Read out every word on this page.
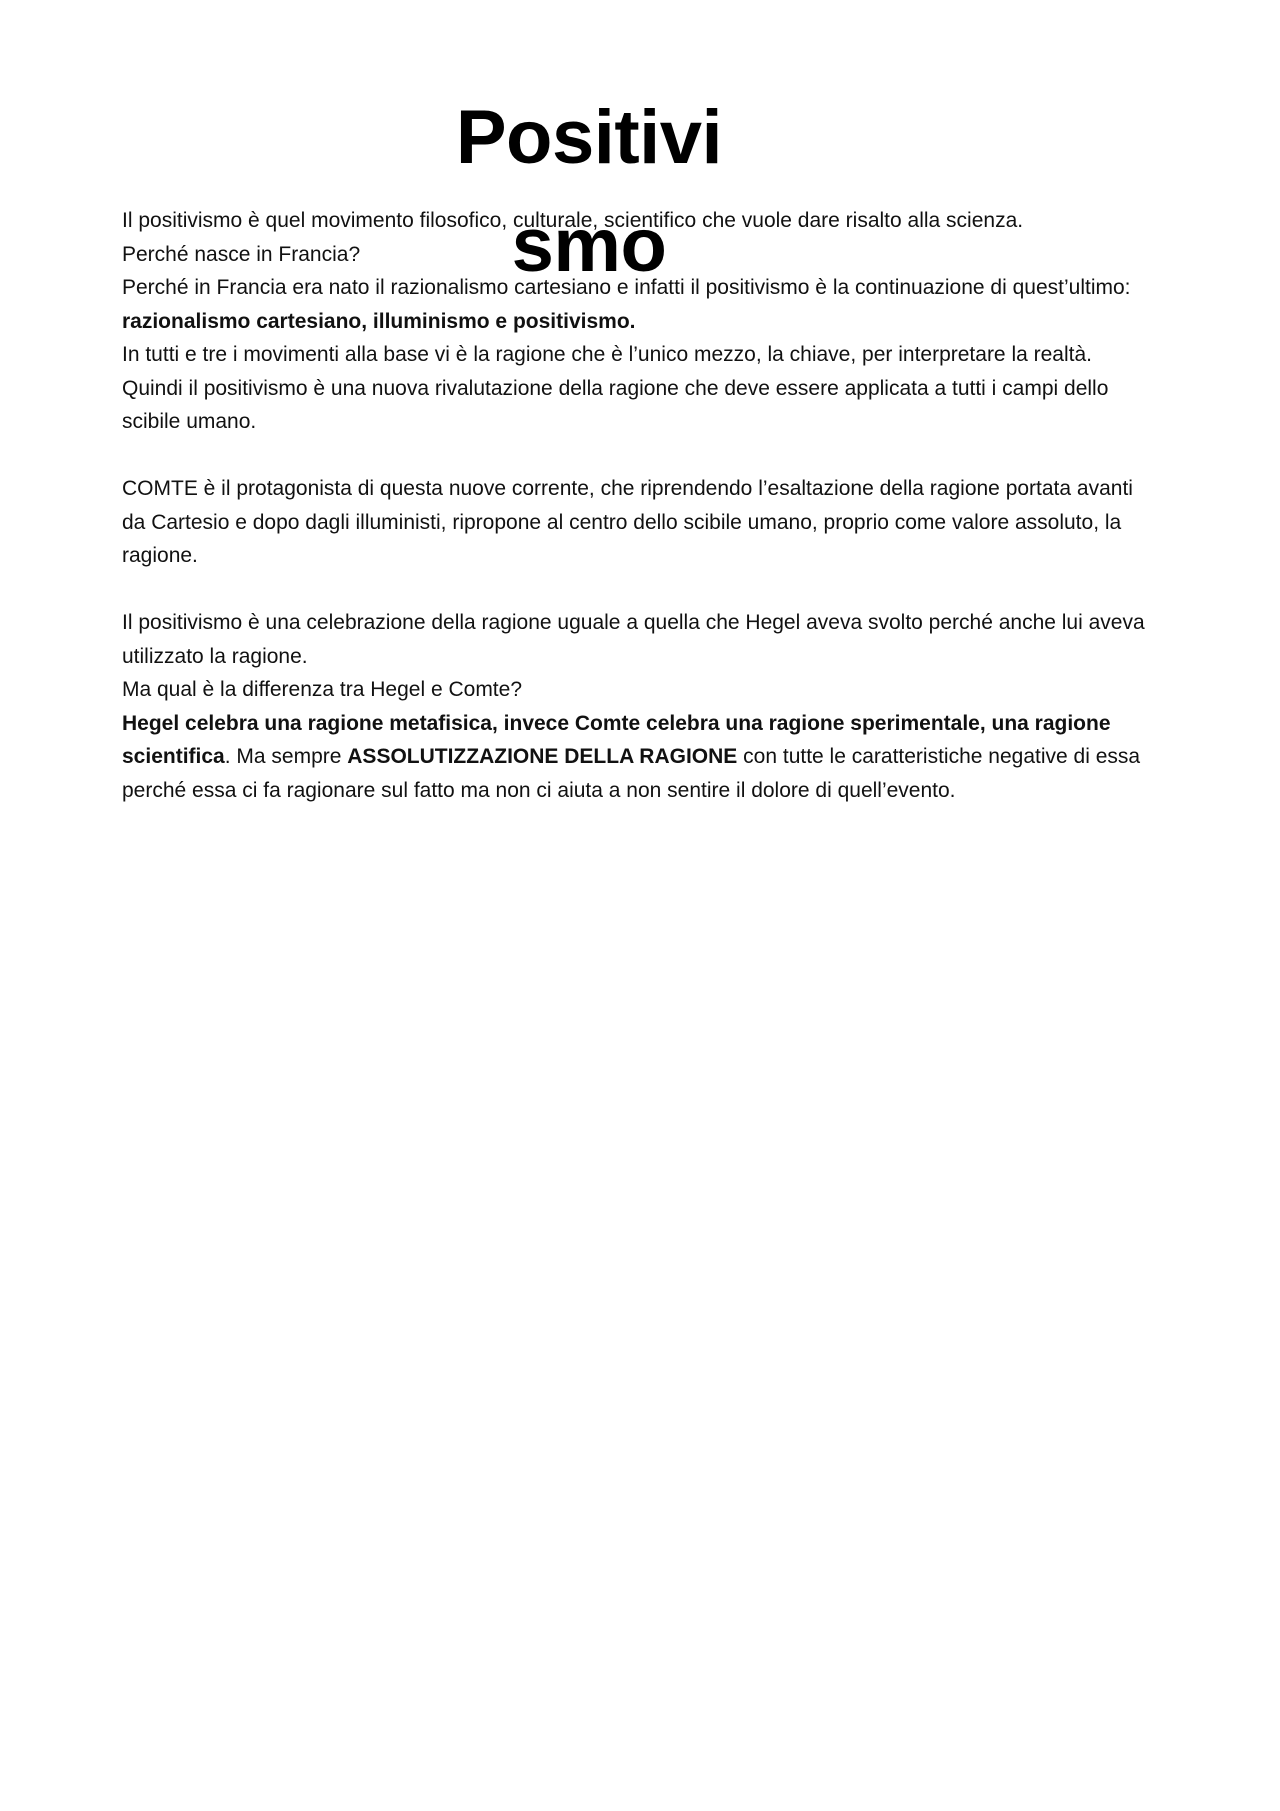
Positivismo

Il positivismo è quel movimento filosofico, culturale, scientifico che vuole dare risalto alla scienza.

Perché nasce in Francia?

Perché in Francia era nato il razionalismo cartesiano e infatti il positivismo è la continuazione di quest’ultimo: razionalismo cartesiano, illuminismo e positivismo.

In tutti e tre i movimenti alla base vi è la ragione che è l’unico mezzo, la chiave, per interpretare la realtà.

Quindi il positivismo è una nuova rivalutazione della ragione che deve essere applicata a tutti i campi dello scibile umano.

COMTE è il protagonista di questa nuove corrente, che riprendendo l’esaltazione della ragione portata avanti da Cartesio e dopo dagli illuministi, ripropone al centro dello scibile umano, proprio come valore assoluto, la ragione.

Il positivismo è una celebrazione della ragione uguale a quella che Hegel aveva svolto perché anche lui aveva utilizzato la ragione.

Ma qual è la differenza tra Hegel e Comte?

Hegel celebra una ragione metafisica, invece Comte celebra una ragione sperimentale, una ragione scientifica. Ma sempre ASSOLUTIZZAZIONE DELLA RAGIONE con tutte le caratteristiche negative di essa perché essa ci fa ragionare sul fatto ma non ci aiuta a non sentire il dolore di quell’evento.
